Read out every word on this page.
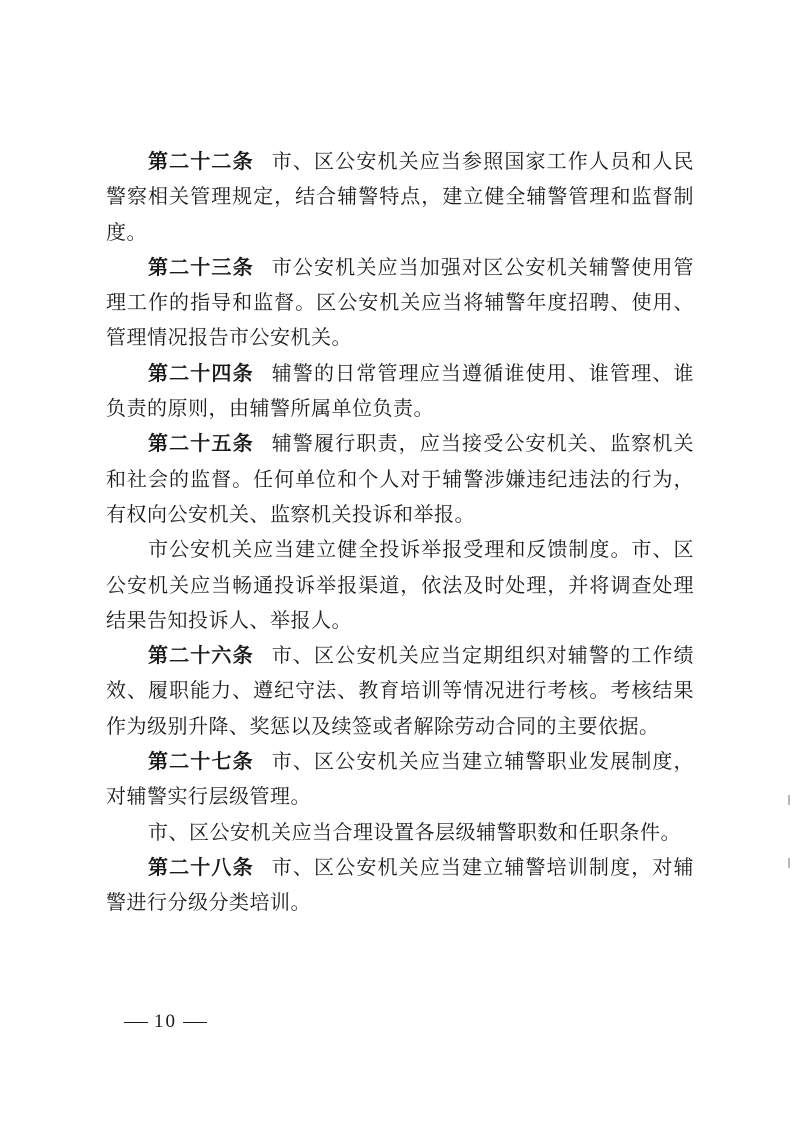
第二十二条 市、区公安机关应当参照国家工作人员和人民警察相关管理规定，结合辅警特点，建立健全辅警管理和监督制度。

第二十三条 市公安机关应当加强对区公安机关辅警使用管理工作的指导和监督。区公安机关应当将辅警年度招聘、使用、管理情况报告市公安机关。

第二十四条 辅警的日常管理应当遵循谁使用、谁管理、谁负责的原则，由辅警所属单位负责。

第二十五条 辅警履行职责，应当接受公安机关、监察机关和社会的监督。任何单位和个人对于辅警涉嫌违纪违法的行为，有权向公安机关、监察机关投诉和举报。

市公安机关应当建立健全投诉举报受理和反馈制度。市、区公安机关应当畅通投诉举报渠道，依法及时处理，并将调查处理结果告知投诉人、举报人。

第二十六条 市、区公安机关应当定期组织对辅警的工作绩效、履职能力、遵纪守法、教育培训等情况进行考核。考核结果作为级别升降、奖惩以及续签或者解除劳动合同的主要依据。

第二十七条 市、区公安机关应当建立辅警职业发展制度，对辅警实行层级管理。

市、区公安机关应当合理设置各层级辅警职数和任职条件。

第二十八条 市、区公安机关应当建立辅警培训制度，对辅警进行分级分类培训。

10
